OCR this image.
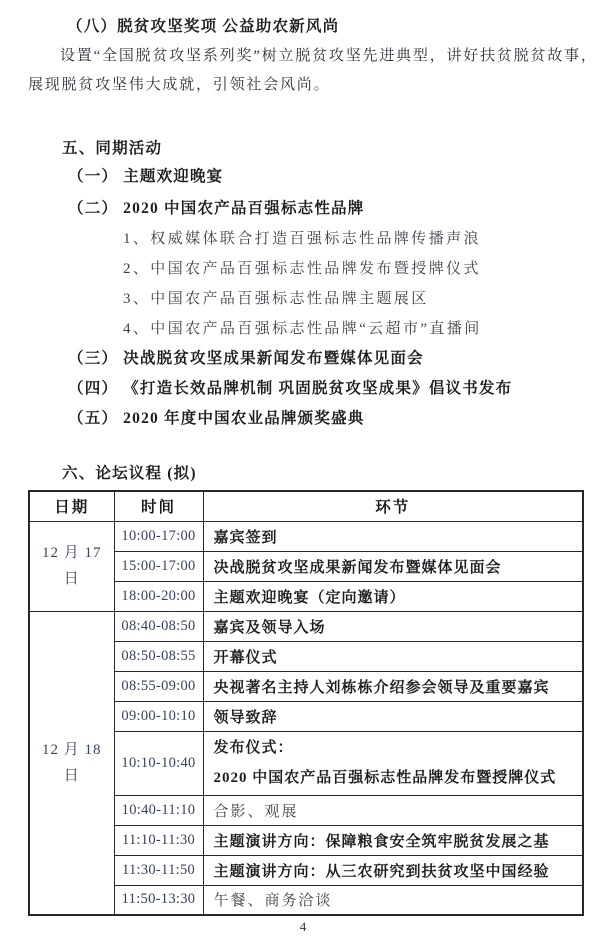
（八）脱贫攻坚奖项 公益助农新风尚
设置“全国脱贫攻坚系列奖”树立脱贫攻坚先进典型，讲好扶贫脱贫故事，
展现脱贫攻坚伟大成就，引领社会风尚。
五、同期活动
（一） 主题欢迎晚宴
（二） 2020 中国农产品百强标志性品牌
1、权威媒体联合打造百强标志性品牌传播声浪
2、中国农产品百强标志性品牌发布暨授牌仪式
3、中国农产品百强标志性品牌主题展区
4、中国农产品百强标志性品牌“云超市”直播间
（三） 决战脱贫攻坚成果新闻发布暨媒体见面会
（四） 《打造长效品牌机制 巩固脱贫攻坚成果》倡议书发布
（五） 2020 年度中国农业品牌颁奖盛典
六、论坛议程 (拟)
日期	时间	环节
12 月 17
日	10:00-17:00	嘉宾签到
	15:00-17:00	决战脱贫攻坚成果新闻发布暨媒体见面会
	18:00-20:00	主题欢迎晚宴（定向邀请）
12 月 18
日	08:40-08:50	嘉宾及领导入场
	08:50-08:55	开幕仪式
	08:55-09:00	央视著名主持人刘栋栋介绍参会领导及重要嘉宾
	09:00-10:10	领导致辞
	10:10-10:40	发布仪式：
2020 中国农产品百强标志性品牌发布暨授牌仪式

	10:40-11:10	合影、观展
	11:10-11:30	主题演讲方向：保障粮食安全筑牢脱贫发展之基
	11:30-11:50	主题演讲方向：从三农研究到扶贫攻坚中国经验
	11:50-13:30	午餐、商务洽谈
4
